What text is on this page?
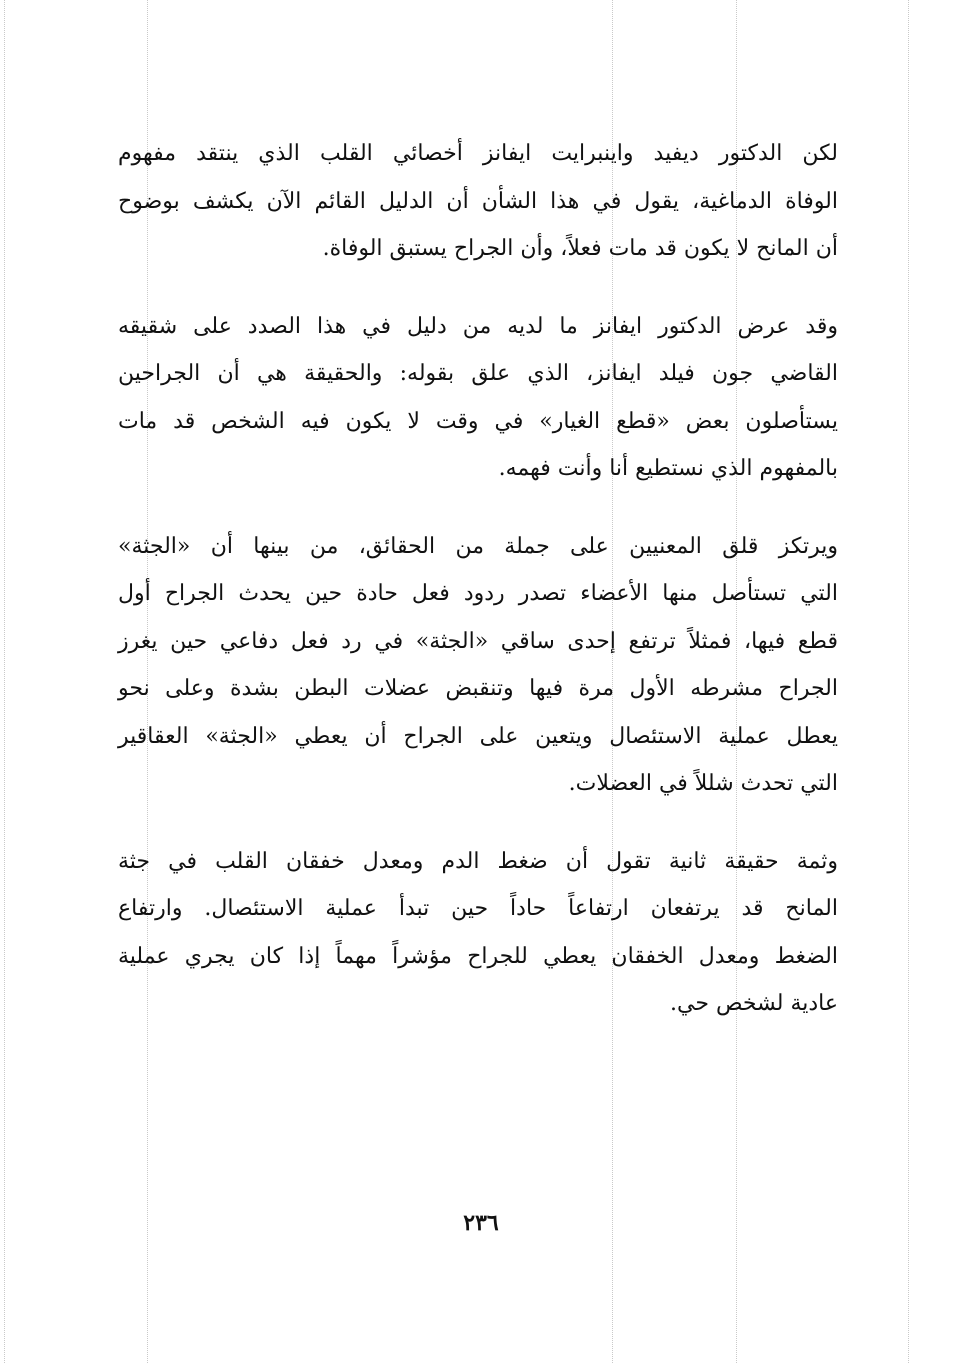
لكن الدكتور ديفيد واينبرايت ايفانز أخصائي القلب الذي ينتقد مفهوم
الوفاة الدماغية، يقول في هذا الشأن أن الدليل القائم الآن يكشف بوضوح
أن المانح لا يكون قد مات فعلاً، وأن الجراح يستبق الوفاة.

وقد عرض الدكتور ايفانز ما لديه من دليل في هذا الصدد على شقيقه
القاضي جون فيلد ايفانز، الذي علق بقوله: والحقيقة هي أن الجراحين
يستأصلون بعض «قطع الغيار» في وقت لا يكون فيه الشخص قد مات
بالمفهوم الذي نستطيع أنا وأنت فهمه.

ويرتكز قلق المعنيين على جملة من الحقائق، من بينها أن «الجثة»
التي تستأصل منها الأعضاء تصدر ردود فعل حادة حين يحدث الجراح أول
قطع فيها، فمثلاً ترتفع إحدى ساقي «الجثة» في رد فعل دفاعي حين يغرز
الجراح مشرطه الأول مرة فيها وتنقبض عضلات البطن بشدة وعلى نحو
يعطل عملية الاستئصال ويتعين على الجراح أن يعطي «الجثة» العقاقير
التي تحدث شللاً في العضلات.

وثمة حقيقة ثانية تقول أن ضغط الدم ومعدل خفقان القلب في جثة
المانح قد يرتفعان ارتفاعاً حاداً حين تبدأ عملية الاستئصال. وارتفاع
الضغط ومعدل الخفقان يعطي للجراح مؤشراً مهماً إذا كان يجري عملية
عادية لشخص حي.

٢٣٦
